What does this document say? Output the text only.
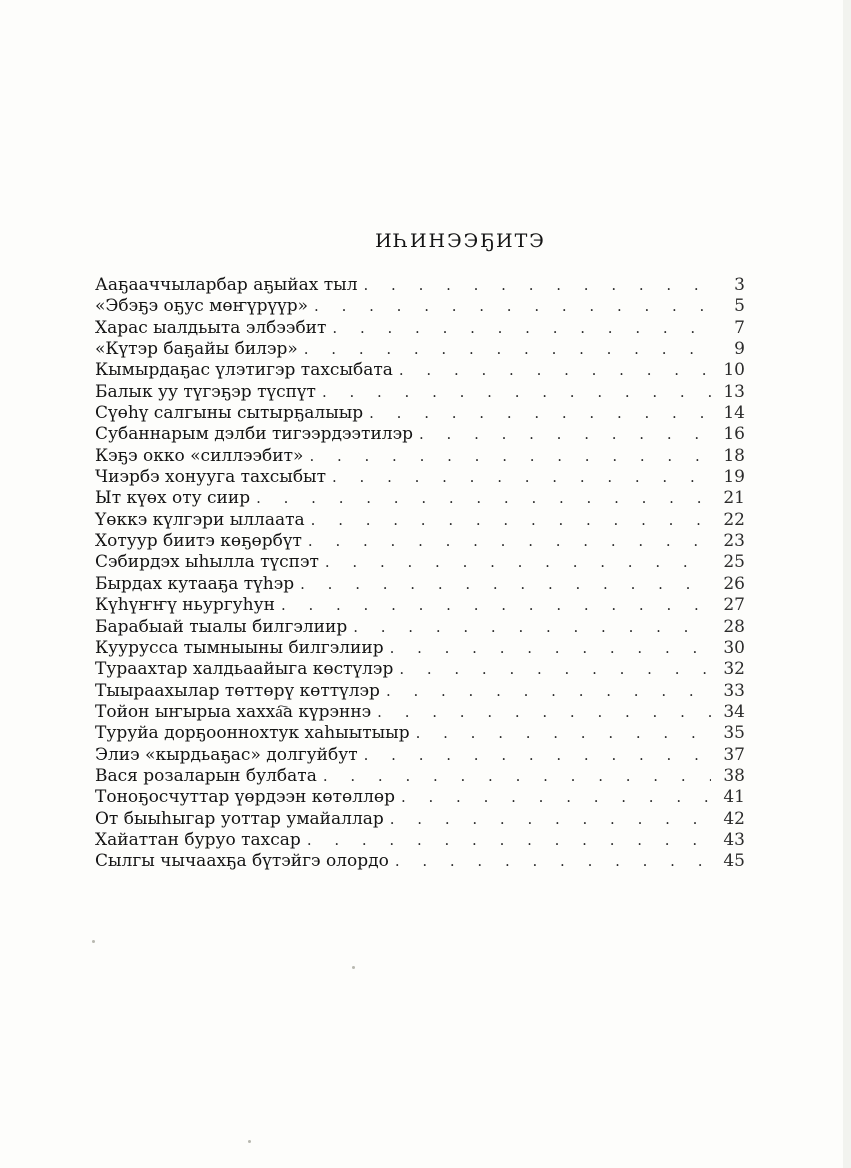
ИҺИНЭЭҔИТЭ
Ааҕааччыларбар аҕыйах тыл . . .	3
«Эбэҕэ оҕус мөҥүрүүр» . . .	5
Харас ыалдьыта элбээбит . . .	7
«Күтэр баҕайы билэр» . . .	9
Кымырдаҕас үлэтигэр тахсыбата . . .	10
Балык уу түгэҕэр түспүт . . .	13
Сүөһү салгыны сытырҕалыыр . . .	14
Субаннарым дэлби тигээрдээтилэр . . .	16
Кэҕэ окко «силлээбит» . . .	18
Чиэрбэ хонууга тахсыбыт . . .	19
Ыт күөх оту сиир . . .	21
Үөккэ күлгэри ыллаата . . .	22
Хотуур биитэ көҕөрбүт . . .	23
Сэбирдэх ыһылла түспэт . . .	25
Бырдах кутааҕа түһэр . . .	26
Күһүҥҥү ньургуһун . . .	27
Барабыай тыалы билгэлиир . . .	28
Куурусса тымныыны билгэлиир . . .	30
Тураахтар халдьаайыга көстүлэр . . .	32
Тыыраахылар төттөрү көттүлэр . . .	33
Тойон ыҥырыа хахха҇а күрэннэ . . .	34
Туруйа дорҕооннохтук хаһыытыыр . . .	35
Элиэ «кырдьаҕас» долгуйбут . . .	37
Вася розаларын булбата . . .	38
Тоноҕосчуттар үөрдээн көтөллөр . . .	41
От быыһыгар уоттар умайаллар . . .	42
Хайаттан буруо тахсар . . .	43
Сылгы чычаахҕа бүтэйгэ олордо . . .	45
